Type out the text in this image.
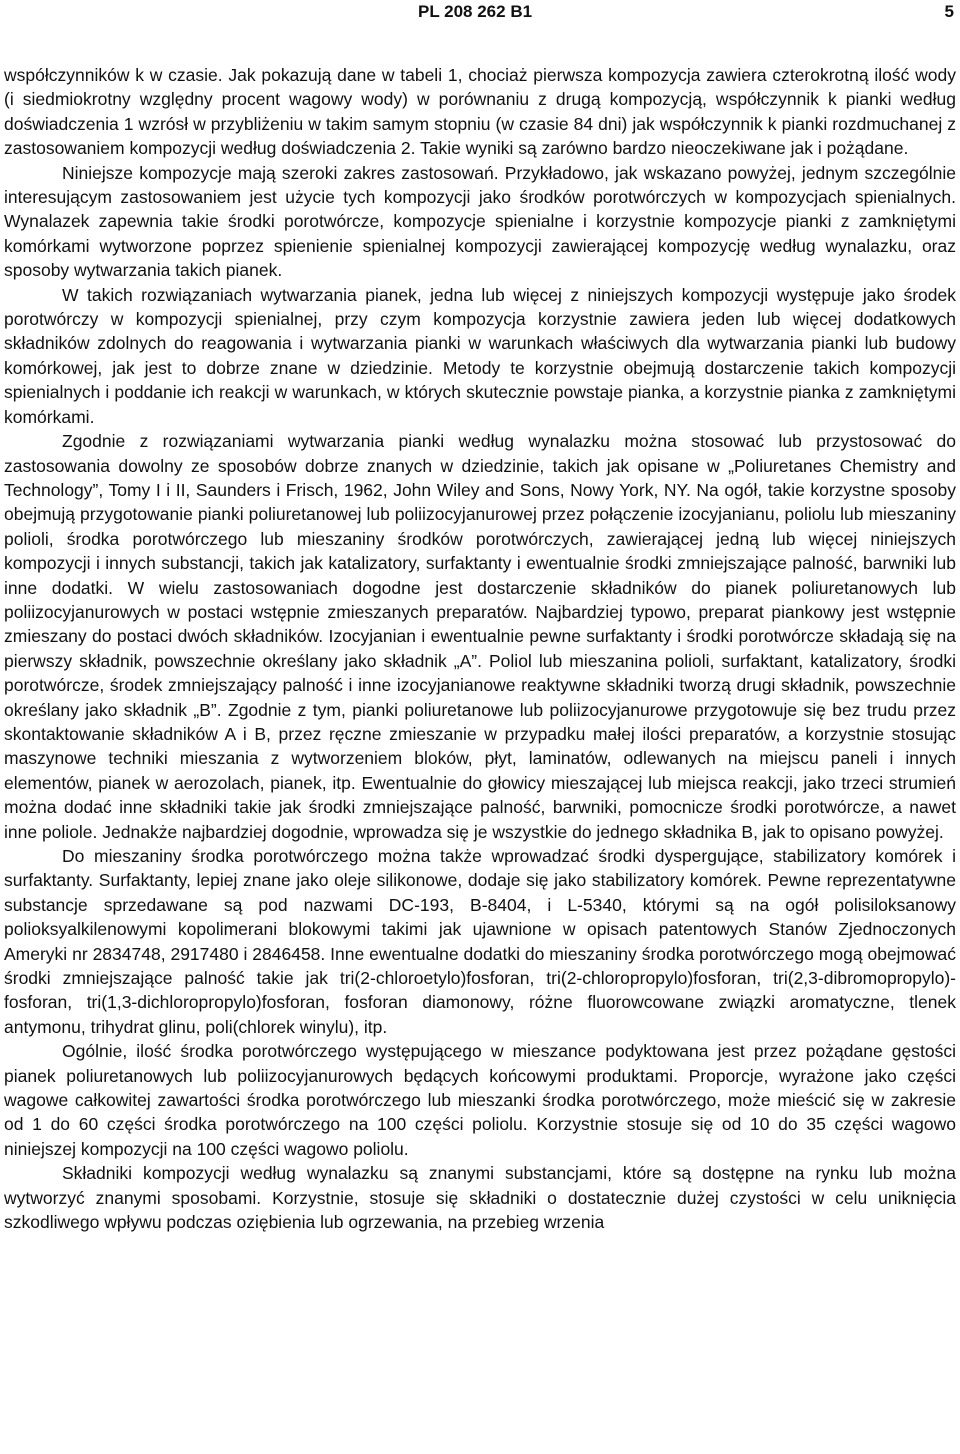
PL 208 262 B1	5

współczynników k w czasie. Jak pokazują dane w tabeli 1, chociaż pierwsza kompozycja zawiera czterokrotną ilość wody (i siedmiokrotny względny procent wagowy wody) w porównaniu z drugą kompozycją, współczynnik k pianki według doświadczenia 1 wzrósł w przybliżeniu w takim samym stopniu (w czasie 84 dni) jak współczynnik k pianki rozdmuchanej z zastosowaniem kompozycji według doświadczenia 2. Takie wyniki są zarówno bardzo nieoczekiwane jak i pożądane.

Niniejsze kompozycje mają szeroki zakres zastosowań. Przykładowo, jak wskazano powyżej, jednym szczególnie interesującym zastosowaniem jest użycie tych kompozycji jako środków porotwórczych w kompozycjach spienialnych. Wynalazek zapewnia takie środki porotwórcze, kompozycje spienialne i korzystnie kompozycje pianki z zamkniętymi komórkami wytworzone poprzez spienienie spienialnej kompozycji zawierającej kompozycję według wynalazku, oraz sposoby wytwarzania takich pianek.

W takich rozwiązaniach wytwarzania pianek, jedna lub więcej z niniejszych kompozycji występuje jako środek porotwórczy w kompozycji spienialnej, przy czym kompozycja korzystnie zawiera jeden lub więcej dodatkowych składników zdolnych do reagowania i wytwarzania pianki w warunkach właściwych dla wytwarzania pianki lub budowy komórkowej, jak jest to dobrze znane w dziedzinie. Metody te korzystnie obejmują dostarczenie takich kompozycji spienialnych i poddanie ich reakcji w warunkach, w których skutecznie powstaje pianka, a korzystnie pianka z zamkniętymi komórkami.

Zgodnie z rozwiązaniami wytwarzania pianki według wynalazku można stosować lub przystosować do zastosowania dowolny ze sposobów dobrze znanych w dziedzinie, takich jak opisane w „Poliuretanes Chemistry and Technology”, Tomy I i II, Saunders i Frisch, 1962, John Wiley and Sons, Nowy York, NY. Na ogół, takie korzystne sposoby obejmują przygotowanie pianki poliuretanowej lub poliizocyjanurowej przez połączenie izocyjanianu, poliolu lub mieszaniny polioli, środka porotwórczego lub mieszaniny środków porotwórczych, zawierającej jedną lub więcej niniejszych kompozycji i innych substancji, takich jak katalizatory, surfaktanty i ewentualnie środki zmniejszające palność, barwniki lub inne dodatki. W wielu zastosowaniach dogodne jest dostarczenie składników do pianek poliuretanowych lub poliizocyjanurowych w postaci wstępnie zmieszanych preparatów. Najbardziej typowo, preparat piankowy jest wstępnie zmieszany do postaci dwóch składników. Izocyjanian i ewentualnie pewne surfaktanty i środki porotwórcze składają się na pierwszy składnik, powszechnie określany jako składnik „A”. Poliol lub mieszanina polioli, surfaktant, katalizatory, środki porotwórcze, środek zmniejszający palność i inne izocyjanianowe reaktywne składniki tworzą drugi składnik, powszechnie określany jako składnik „B”. Zgodnie z tym, pianki poliuretanowe lub poliizocyjanurowe przygotowuje się bez trudu przez skontaktowanie składników A i B, przez ręczne zmieszanie w przypadku małej ilości preparatów, a korzystnie stosując maszynowe techniki mieszania z wytworzeniem bloków, płyt, laminatów, odlewanych na miejscu paneli i innych elementów, pianek w aerozolach, pianek, itp. Ewentualnie do głowicy mieszającej lub miejsca reakcji, jako trzeci strumień można dodać inne składniki takie jak środki zmniejszające palność, barwniki, pomocnicze środki porotwórcze, a nawet inne poliole. Jednakże najbardziej dogodnie, wprowadza się je wszystkie do jednego składnika B, jak to opisano powyżej.

Do mieszaniny środka porotwórczego można także wprowadzać środki dyspergujące, stabilizatory komórek i surfaktanty. Surfaktanty, lepiej znane jako oleje silikonowe, dodaje się jako stabilizatory komórek. Pewne reprezentatywne substancje sprzedawane są pod nazwami DC-193, B-8404, i L-5340, którymi są na ogół polisiloksanowy polioksyalkilenowymi kopolimerani blokowymi takimi jak ujawnione w opisach patentowych Stanów Zjednoczonych Ameryki nr 2834748, 2917480 i 2846458. Inne ewentualne dodatki do mieszaniny środka porotwórczego mogą obejmować środki zmniejszające palność takie jak tri(2-chloroetylo)fosforan, tri(2-chloropropylo)fosforan, tri(2,3-dibromopropylo)-fosforan, tri(1,3-dichloropropylo)fosforan, fosforan diamonowy, różne fluorowcowane związki aromatyczne, tlenek antymonu, trihydrat glinu, poli(chlorek winylu), itp.

Ogólnie, ilość środka porotwórczego występującego w mieszance podyktowana jest przez pożądane gęstości pianek poliuretanowych lub poliizocyjanurowych będących końcowymi produktami. Proporcje, wyrażone jako części wagowe całkowitej zawartości środka porotwórczego lub mieszanki środka porotwórczego, może mieścić się w zakresie od 1 do 60 części środka porotwórczego na 100 części poliolu. Korzystnie stosuje się od 10 do 35 części wagowo niniejszej kompozycji na 100 części wagowo poliolu.

Składniki kompozycji według wynalazku są znanymi substancjami, które są dostępne na rynku lub można wytworzyć znanymi sposobami. Korzystnie, stosuje się składniki o dostatecznie dużej czystości w celu uniknięcia szkodliwego wpływu podczas oziębienia lub ogrzewania, na przebieg wrzenia
